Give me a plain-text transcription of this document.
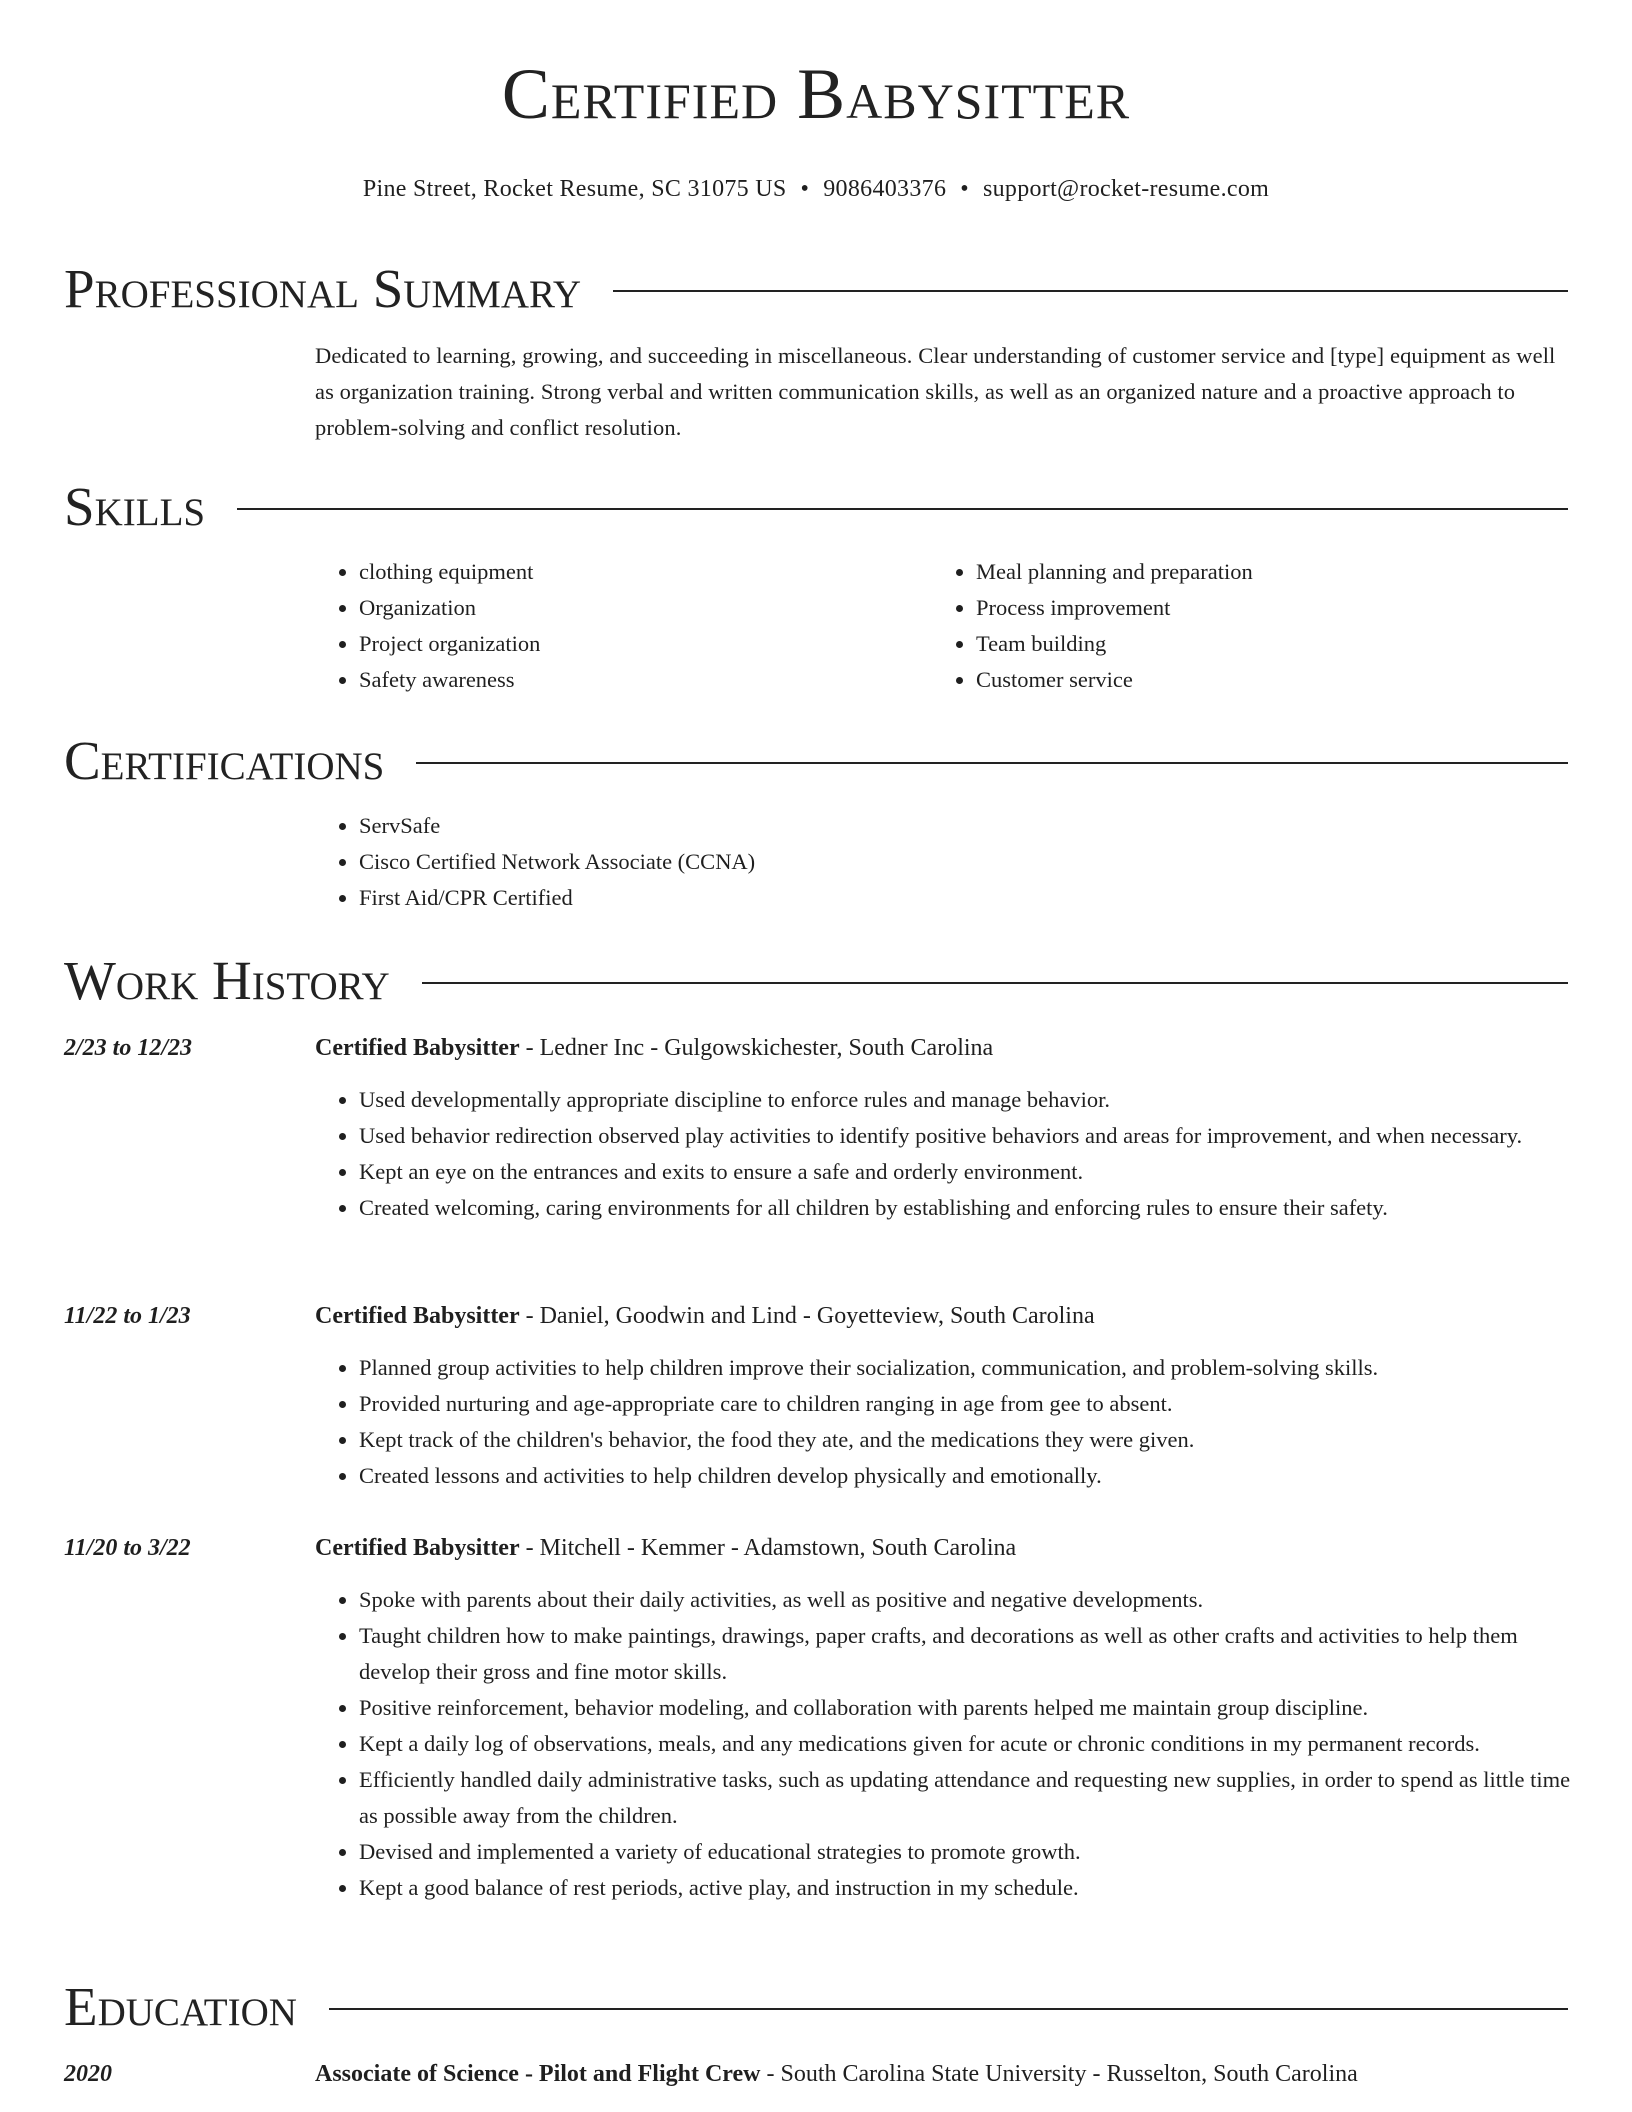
Certified Babysitter
Pine Street, Rocket Resume, SC 31075 US • 9086403376 • support@rocket-resume.com
Professional Summary
Dedicated to learning, growing, and succeeding in miscellaneous. Clear understanding of customer service and [type] equipment as well as organization training. Strong verbal and written communication skills, as well as an organized nature and a proactive approach to problem-solving and conflict resolution.
Skills
• clothing equipment
• Organization
• Project organization
• Safety awareness
• Meal planning and preparation
• Process improvement
• Team building
• Customer service
Certifications
• ServSafe
• Cisco Certified Network Associate (CCNA)
• First Aid/CPR Certified
Work History
2/23 to 12/23	Certified Babysitter - Ledner Inc - Gulgowskichester, South Carolina
• Used developmentally appropriate discipline to enforce rules and manage behavior.
• Used behavior redirection observed play activities to identify positive behaviors and areas for improvement, and when necessary.
• Kept an eye on the entrances and exits to ensure a safe and orderly environment.
• Created welcoming, caring environments for all children by establishing and enforcing rules to ensure their safety.
11/22 to 1/23	Certified Babysitter - Daniel, Goodwin and Lind - Goyetteview, South Carolina
• Planned group activities to help children improve their socialization, communication, and problem-solving skills.
• Provided nurturing and age-appropriate care to children ranging in age from gee to absent.
• Kept track of the children's behavior, the food they ate, and the medications they were given.
• Created lessons and activities to help children develop physically and emotionally.
11/20 to 3/22	Certified Babysitter - Mitchell - Kemmer - Adamstown, South Carolina
• Spoke with parents about their daily activities, as well as positive and negative developments.
• Taught children how to make paintings, drawings, paper crafts, and decorations as well as other crafts and activities to help them develop their gross and fine motor skills.
• Positive reinforcement, behavior modeling, and collaboration with parents helped me maintain group discipline.
• Kept a daily log of observations, meals, and any medications given for acute or chronic conditions in my permanent records.
• Efficiently handled daily administrative tasks, such as updating attendance and requesting new supplies, in order to spend as little time as possible away from the children.
• Devised and implemented a variety of educational strategies to promote growth.
• Kept a good balance of rest periods, active play, and instruction in my schedule.
Education
2020	Associate of Science - Pilot and Flight Crew - South Carolina State University - Russelton, South Carolina
